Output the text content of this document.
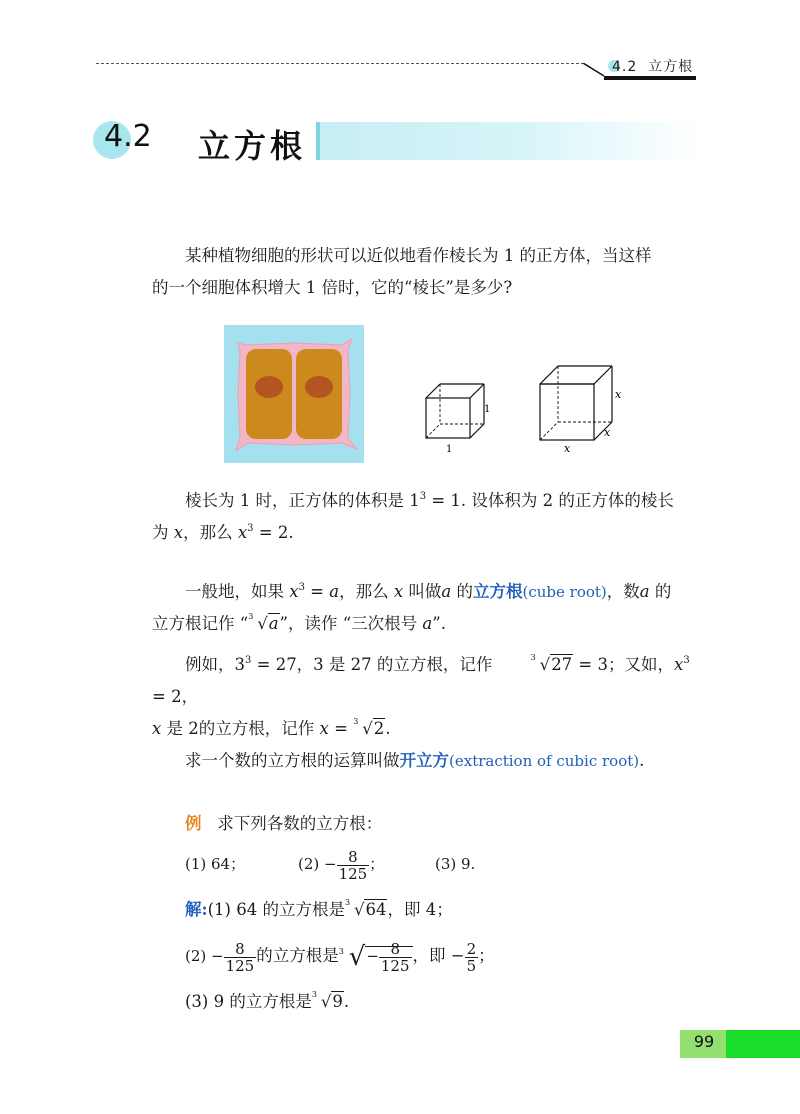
4.2 立方根
4.2 立方根
某种植物细胞的形状可以近似地看作棱长为 1 的正方体，当这样
的一个细胞体积增大 1 倍时，它的“棱长”是多少?
1
1
x
x
x
棱长为 1 时，正方体的体积是 $1^3 = 1$. 设体积为 2 的正方体的棱长
为 x，那么 $x^3 = 2$.
一般地，如果 $x^3 = a$，那么 x 叫做a 的立方根(cube root)，数a 的
立方根记作 “ 3 √a”，读作 “三次根号 a”.
例如，$3^3 = 27$，3 是 27 的立方根，记作	3 √27 = 3；又如，$x^3 = 2$，
x 是 2的立方根，记作 x = 3 √2.
求一个数的立方根的运算叫做开立方(extraction of cubic root).
例 求下列各数的立方根：
(1) 64；	$(2) - \frac{8}{125}$ ；	(3) 9.
解:(1) 64 的立方根是 3 √64，即 4；
$(2) - \frac{8}{125}$ 的立方根是 3 √− $\frac{8}{125}$ ，即 − $\frac{2}{5}$ ；
(3) 9 的立方根是 3 √9.
99
